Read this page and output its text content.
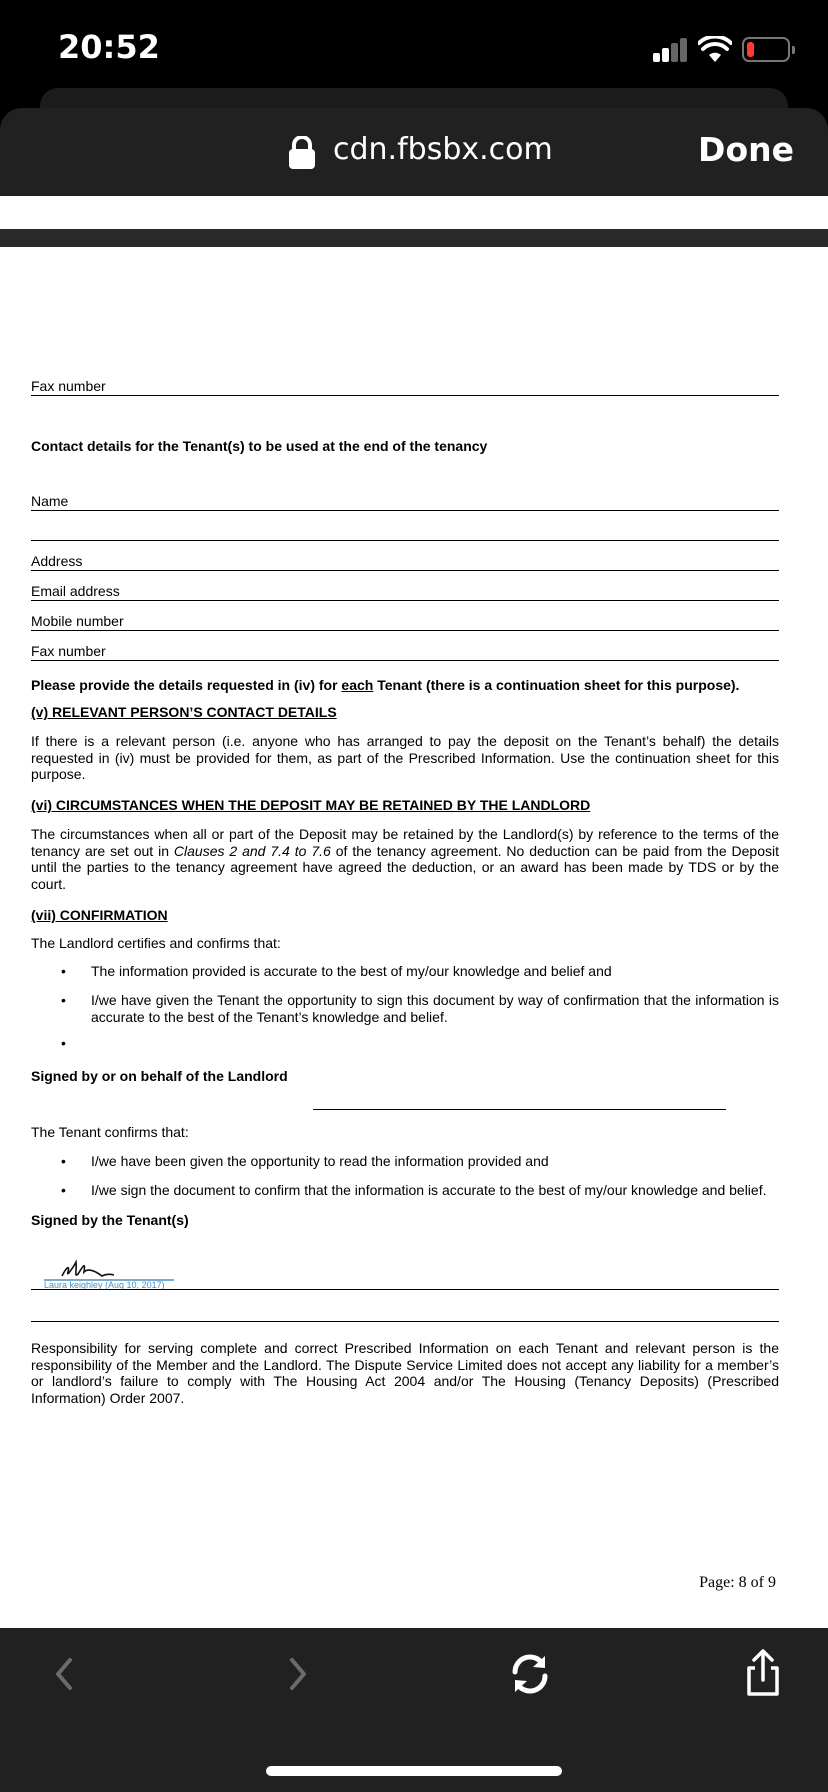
20:52
cdn.fbsbx.com	Done
Fax number
Contact details for the Tenant(s) to be used at the end of the tenancy
Name
Address
Email address
Mobile number
Fax number
Please provide the details requested in (iv) for each Tenant (there is a continuation sheet for this purpose).
(v) RELEVANT PERSON’S CONTACT DETAILS
If there is a relevant person (i.e. anyone who has arranged to pay the deposit on the Tenant’s behalf) the details requested in (iv) must be provided for them, as part of the Prescribed Information. Use the continuation sheet for this purpose.
(vi) CIRCUMSTANCES WHEN THE DEPOSIT MAY BE RETAINED BY THE LANDLORD
The circumstances when all or part of the Deposit may be retained by the Landlord(s) by reference to the terms of the tenancy are set out in Clauses 2 and 7.4 to 7.6 of the tenancy agreement. No deduction can be paid from the Deposit until the parties to the tenancy agreement have agreed the deduction, or an award has been made by TDS or by the court.
(vii) CONFIRMATION
The Landlord certifies and confirms that:
• The information provided is accurate to the best of my/our knowledge and belief and
• I/we have given the Tenant the opportunity to sign this document by way of confirmation that the information is accurate to the best of the Tenant’s knowledge and belief.
•
Signed by or on behalf of the Landlord
The Tenant confirms that:
• I/we have been given the opportunity to read the information provided and
• I/we sign the document to confirm that the information is accurate to the best of my/our knowledge and belief.
Signed by the Tenant(s)
Laura keighley (Aug 10, 2017)
Responsibility for serving complete and correct Prescribed Information on each Tenant and relevant person is the responsibility of the Member and the Landlord. The Dispute Service Limited does not accept any liability for a member’s or landlord’s failure to comply with The Housing Act 2004 and/or The Housing (Tenancy Deposits) (Prescribed Information) Order 2007.
Page: 8 of 9
